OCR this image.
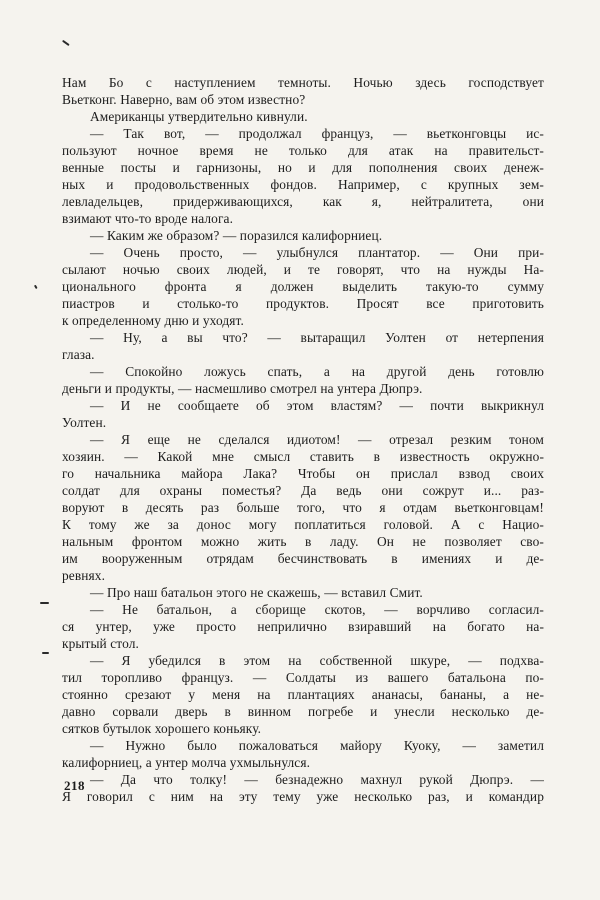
Нам Бо с наступлением темноты. Ночью здесь господствует
Вьетконг. Наверно, вам об этом известно?
Американцы утвердительно кивнули.
— Так вот, — продолжал француз, — вьетконговцы ис-
пользуют ночное время не только для атак на правительст-
венные посты и гарнизоны, но и для пополнения своих денеж-
ных и продовольственных фондов. Например, с крупных зем-
левладельцев, придерживающихся, как я, нейтралитета, они
взимают что-то вроде налога.
— Каким же образом? — поразился калифорниец.
— Очень просто, — улыбнулся плантатор. — Они при-
сылают ночью своих людей, и те говорят, что на нужды На-
ционального фронта я должен выделить такую-то сумму
пиастров и столько-то продуктов. Просят все приготовить
к определенному дню и уходят.
— Ну, а вы что? — вытаращил Уолтен от нетерпения
глаза.
— Спокойно ложусь спать, а на другой день готовлю
деньги и продукты, — насмешливо смотрел на унтера Дюпрэ.
— И не сообщаете об этом властям? — почти выкрикнул
Уолтен.
— Я еще не сделался идиотом! — отрезал резким тоном
хозяин. — Какой мне смысл ставить в известность окружно-
го начальника майора Лака? Чтобы он прислал взвод своих
солдат для охраны поместья? Да ведь они сожрут и... раз-
воруют в десять раз больше того, что я отдам вьетконговцам!
К тому же за донос могу поплатиться головой. А с Нацио-
нальным фронтом можно жить в ладу. Он не позволяет сво-
им вооруженным отрядам бесчинствовать в имениях и де-
ревнях.
— Про наш батальон этого не скажешь, — вставил Смит.
— Не батальон, а сборище скотов, — ворчливо согласил-
ся унтер, уже просто неприлично взиравший на богато на-
крытый стол.
— Я убедился в этом на собственной шкуре, — подхва-
тил торопливо француз. — Солдаты из вашего батальона по-
стоянно срезают у меня на плантациях ананасы, бананы, а не-
давно сорвали дверь в винном погребе и унесли несколько де-
сятков бутылок хорошего коньяку.
— Нужно было пожаловаться майору Куоку, — заметил
калифорниец, а унтер молча ухмыльнулся.
— Да что толку! — безнадежно махнул рукой Дюпрэ. —
Я говорил с ним на эту тему уже несколько раз, и командир
218
